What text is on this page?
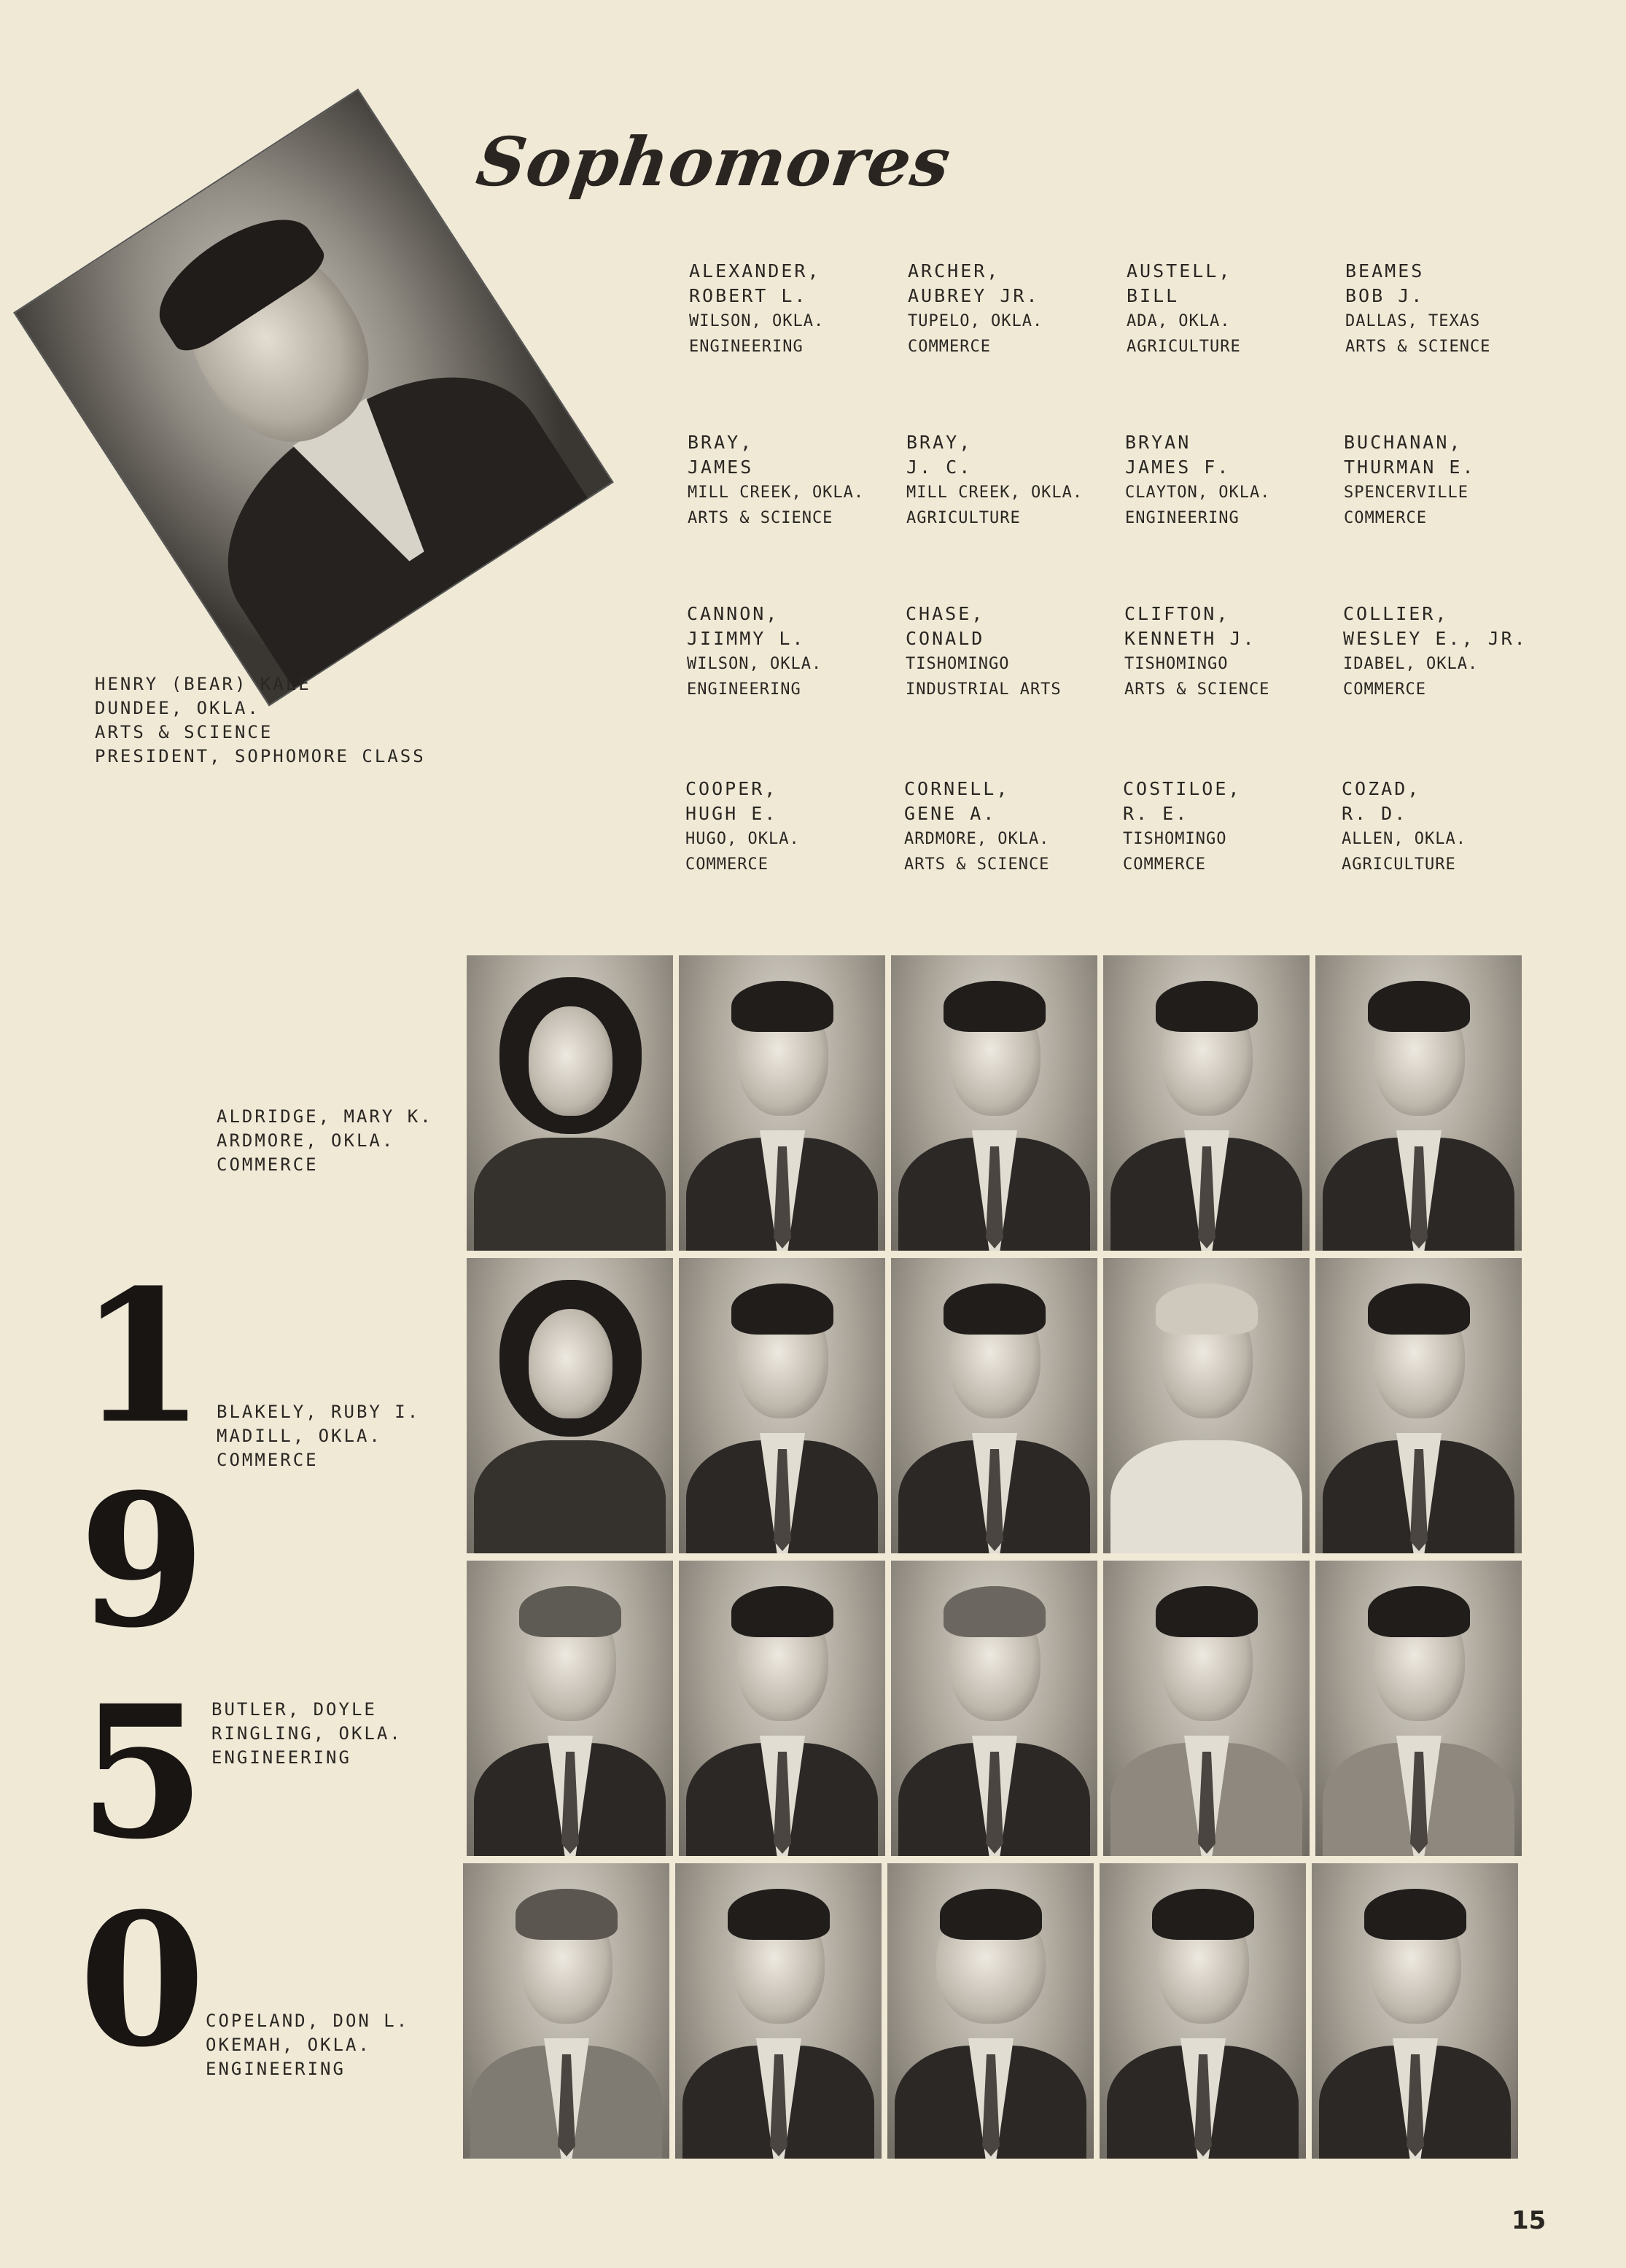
Sophomores
HENRY (BEAR) KALE
DUNDEE, OKLA.
ARTS & SCIENCE
PRESIDENT, SOPHOMORE CLASS
ALEXANDER,
ROBERT L.
WILSON, OKLA.
ENGINEERING
ARCHER,
AUBREY JR.
TUPELO, OKLA.
COMMERCE
AUSTELL,
BILL
ADA, OKLA.
AGRICULTURE
BEAMES
BOB J.
DALLAS, TEXAS
ARTS & SCIENCE
BRAY,
JAMES
MILL CREEK, OKLA.
ARTS & SCIENCE
BRAY,
J. C.
MILL CREEK, OKLA.
AGRICULTURE
BRYAN
JAMES F.
CLAYTON, OKLA.
ENGINEERING
BUCHANAN,
THURMAN E.
SPENCERVILLE
COMMERCE
CANNON,
JIIMMY L.
WILSON, OKLA.
ENGINEERING
CHASE,
CONALD
TISHOMINGO
INDUSTRIAL ARTS
CLIFTON,
KENNETH J.
TISHOMINGO
ARTS & SCIENCE
COLLIER,
WESLEY E., JR.
IDABEL, OKLA.
COMMERCE
COOPER,
HUGH E.
HUGO, OKLA.
COMMERCE
CORNELL,
GENE A.
ARDMORE, OKLA.
ARTS & SCIENCE
COSTILOE,
R. E.
TISHOMINGO
COMMERCE
COZAD,
R. D.
ALLEN, OKLA.
AGRICULTURE
1
9
5
0
ALDRIDGE, MARY K.
ARDMORE, OKLA.
COMMERCE
BLAKELY, RUBY I.
MADILL, OKLA.
COMMERCE
BUTLER, DOYLE
RINGLING, OKLA.
ENGINEERING
COPELAND, DON L.
OKEMAH, OKLA.
ENGINEERING
15
